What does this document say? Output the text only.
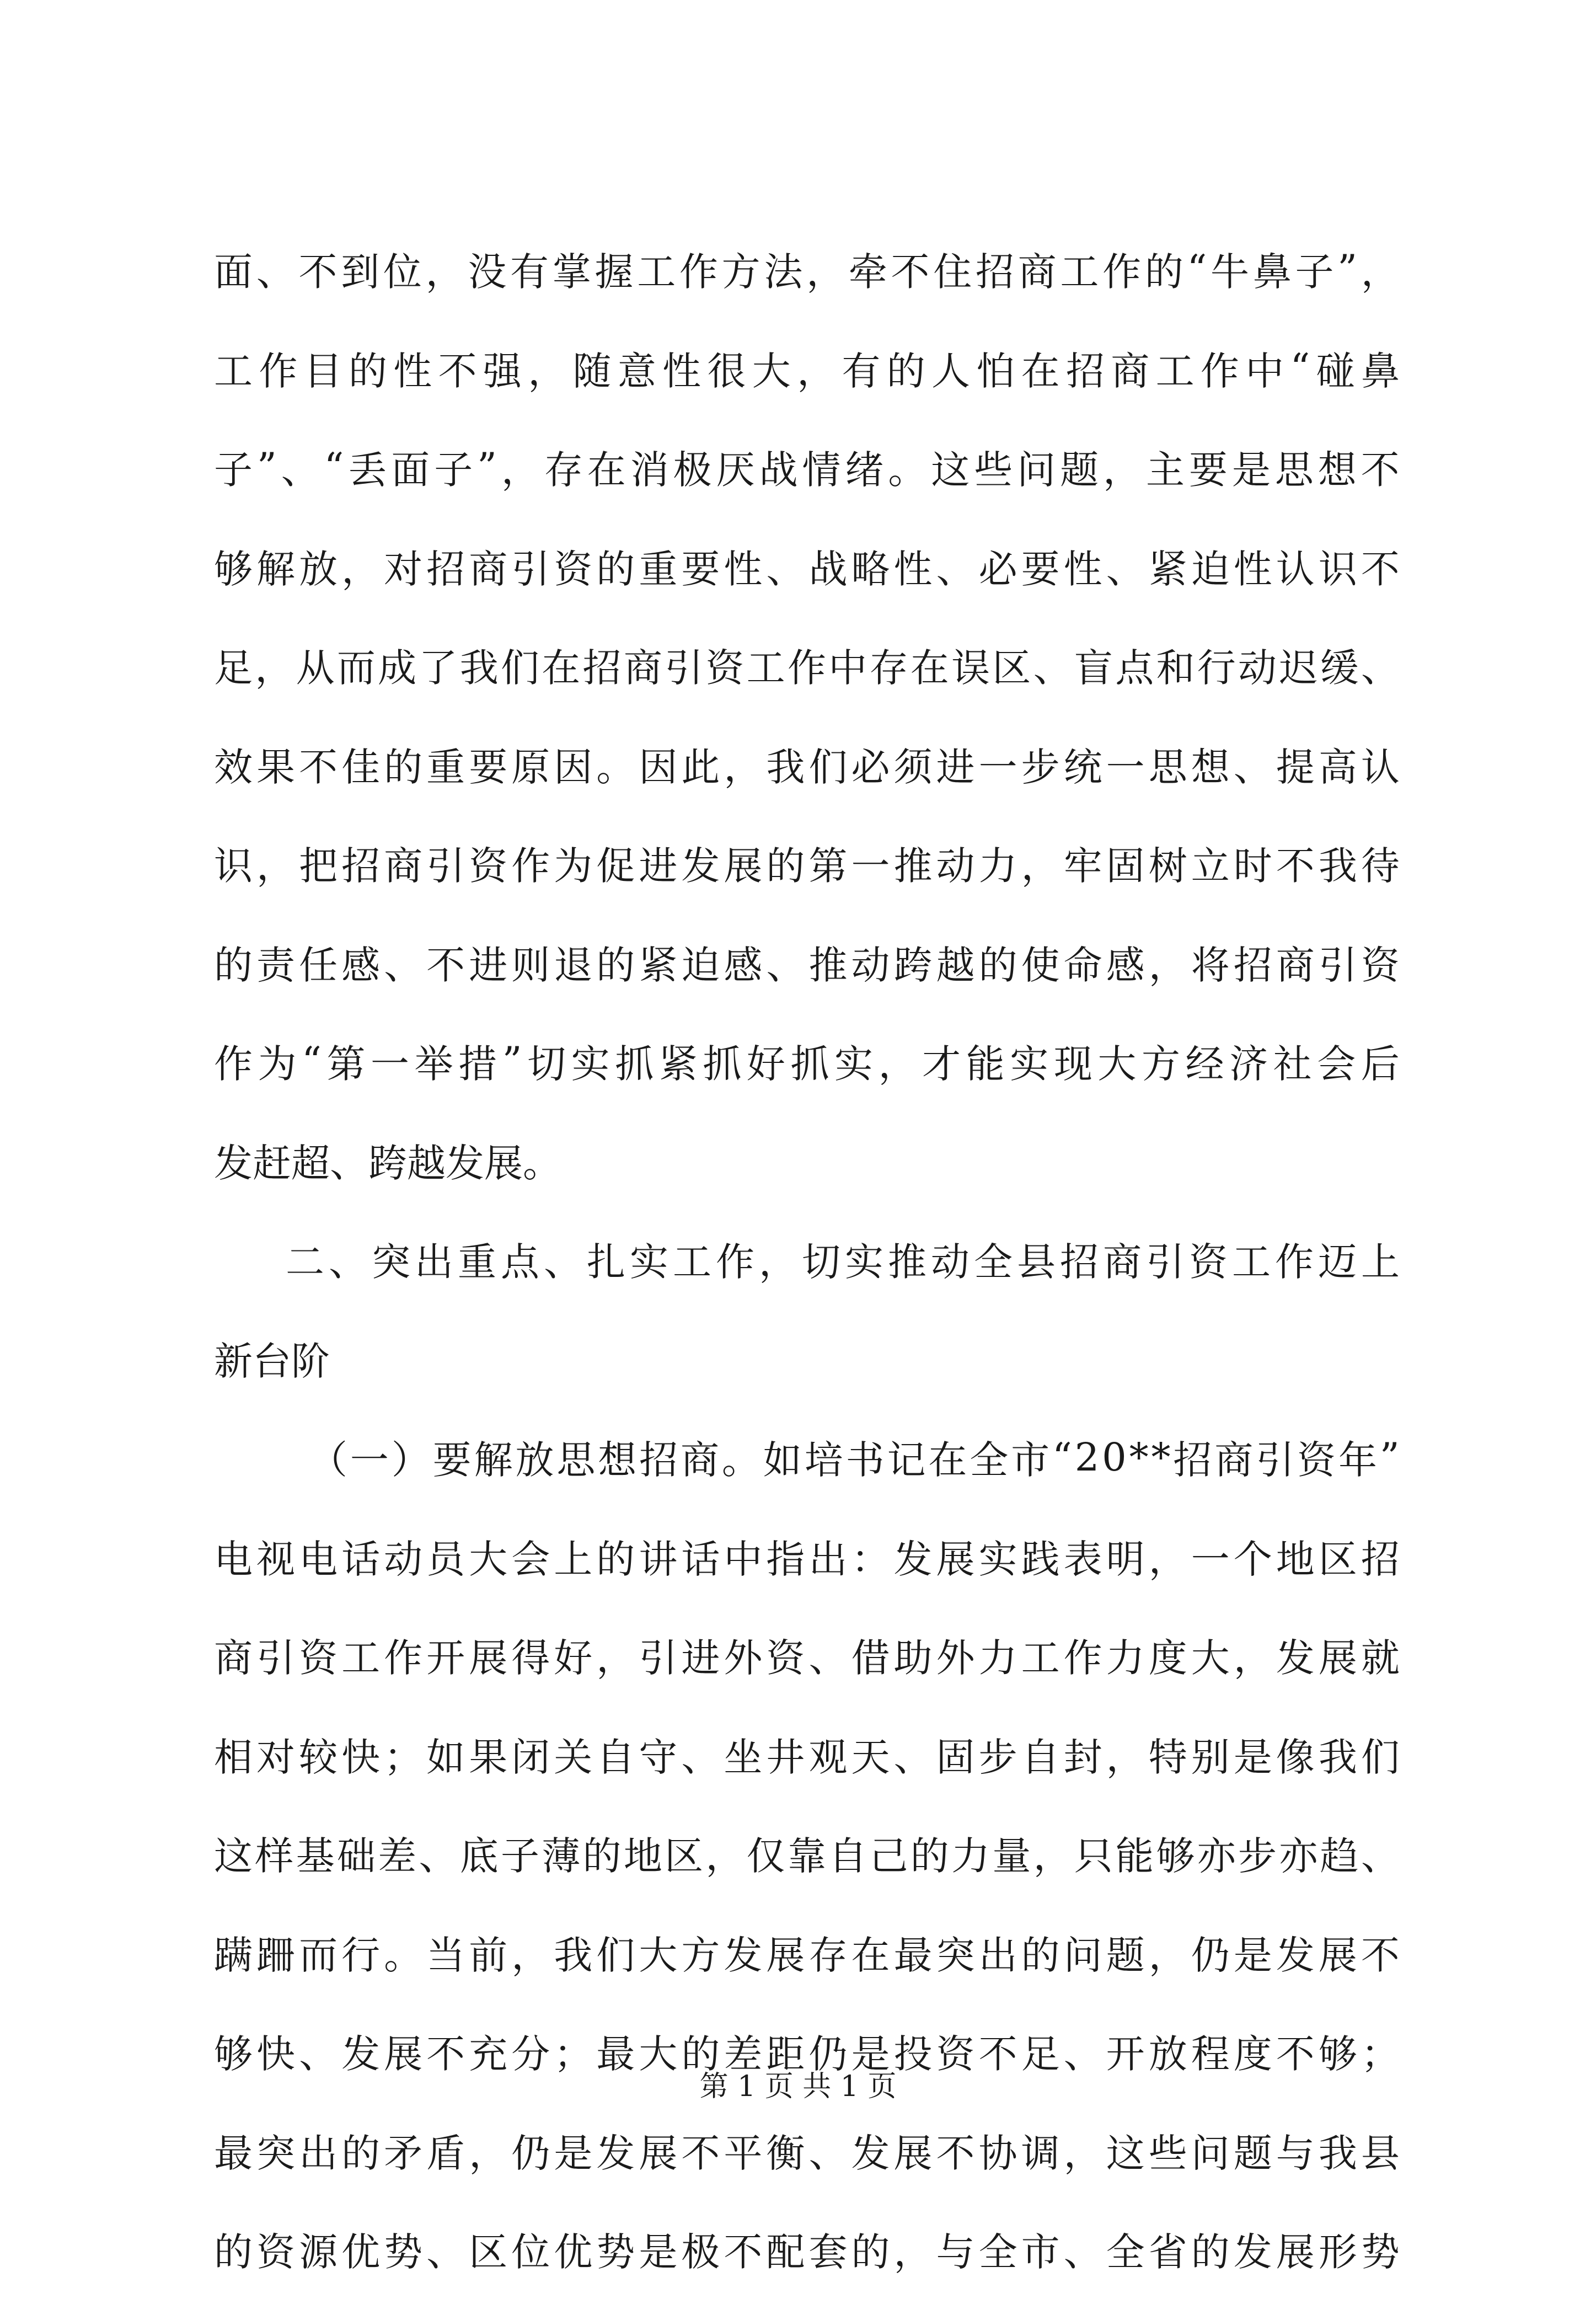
面 、 不 到 位 ， 没 有 掌 握 工 作 方 法 ， 牵 不 住 招 商 工 作 的 “ 牛 鼻 子 ” ，
工 作 目 的 性 不 强 ， 随 意 性 很 大 ， 有 的 人 怕 在 招 商 工 作 中 “ 碰 鼻
子 ” 、 “ 丢 面 子 ” ， 存 在 消 极 厌 战 情 绪 。 这 些 问 题 ， 主 要 是 思 想 不
够 解 放 ， 对 招 商 引 资 的 重 要 性 、 战 略 性 、 必 要 性 、 紧 迫 性 认 识 不
足 ， 从 而 成 了 我 们 在 招 商 引 资 工 作 中 存 在 误 区 、 盲 点 和 行 动 迟 缓 、
效 果 不 佳 的 重 要 原 因 。 因 此 ， 我 们 必 须 进 一 步 统 一 思 想 、 提 高 认
识 ， 把 招 商 引 资 作 为 促 进 发 展 的 第 一 推 动 力 ， 牢 固 树 立 时 不 我 待
的 责 任 感 、 不 进 则 退 的 紧 迫 感 、 推 动 跨 越 的 使 命 感 ， 将 招 商 引 资
作 为 “ 第 一 举 措 ” 切 实 抓 紧 抓 好 抓 实 ， 才 能 实 现 大 方 经 济 社 会 后
发赶超、跨越发展。
二 、 突 出 重 点 、 扎 实 工 作 ， 切 实 推 动 全 县 招 商 引 资 工 作 迈 上
新台阶
（ 一 ） 要 解 放 思 想 招 商 。 如 培 书 记 在 全 市 “ 2 0 * * 招 商 引 资 年 ”
电 视 电 话 动 员 大 会 上 的 讲 话 中 指 出 ： 发 展 实 践 表 明 ， 一 个 地 区 招
商 引 资 工 作 开 展 得 好 ， 引 进 外 资 、 借 助 外 力 工 作 力 度 大 ， 发 展 就
相 对 较 快 ； 如 果 闭 关 自 守 、 坐 井 观 天 、 固 步 自 封 ， 特 别 是 像 我 们
这 样 基 础 差 、 底 子 薄 的 地 区 ， 仅 靠 自 己 的 力 量 ， 只 能 够 亦 步 亦 趋 、
蹒 跚 而 行 。 当 前 ， 我 们 大 方 发 展 存 在 最 突 出 的 问 题 ， 仍 是 发 展 不
够 快 、 发 展 不 充 分 ； 最 大 的 差 距 仍 是 投 资 不 足 、 开 放 程 度 不 够 ；
最 突 出 的 矛 盾 ， 仍 是 发 展 不 平 衡 、 发 展 不 协 调 ， 这 些 问 题 与 我 县
的 资 源 优 势 、 区 位 优 势 是 极 不 配 套 的 ， 与 全 市 、 全 省 的 发 展 形 势
第 1 页 共 1 页
